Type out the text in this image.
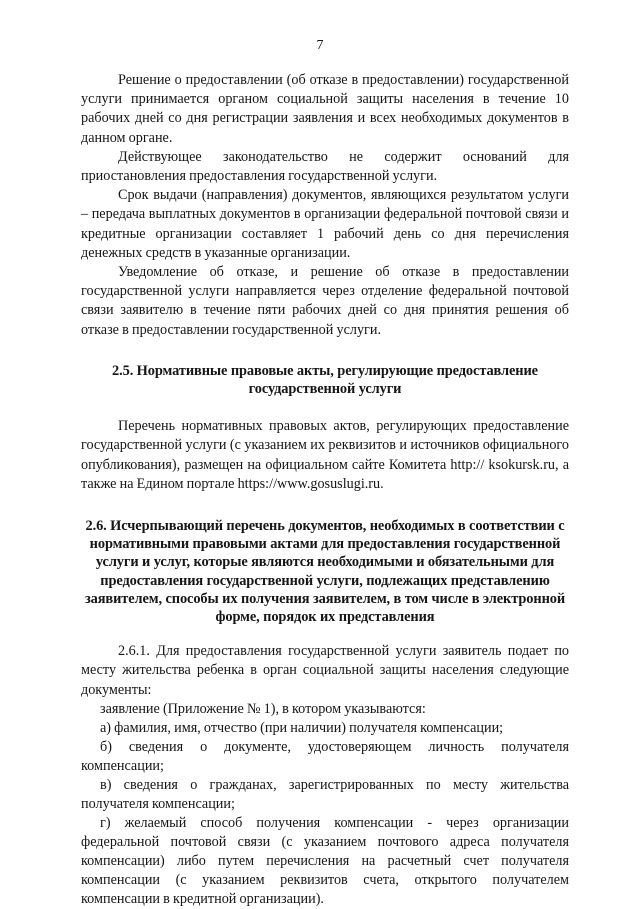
7

Решение о предоставлении (об отказе в предоставлении) государственной услуги принимается органом социальной защиты населения в течение 10 рабочих дней со дня регистрации заявления и всех необходимых документов в данном органе.

Действующее законодательство не содержит оснований для приостановления предоставления государственной услуги.

Срок выдачи (направления) документов, являющихся результатом услуги – передача выплатных документов в организации федеральной почтовой связи и кредитные организации составляет 1 рабочий день со дня перечисления денежных средств в указанные организации.

Уведомление об отказе, и решение об отказе в предоставлении государственной услуги направляется через отделение федеральной почтовой связи заявителю в течение пяти рабочих дней со дня принятия решения об отказе в предоставлении государственной услуги.

2.5. Нормативные правовые акты, регулирующие предоставление государственной услуги

Перечень нормативных правовых актов, регулирующих предоставление государственной услуги (с указанием их реквизитов и источников официального опубликования), размещен на официальном сайте Комитета http:// ksokursk.ru, а также на Едином портале https://www.gosuslugi.ru.

2.6. Исчерпывающий перечень документов, необходимых в соответствии с нормативными правовыми актами для предоставления государственной услуги и услуг, которые являются необходимыми и обязательными для предоставления государственной услуги, подлежащих представлению заявителем, способы их получения заявителем, в том числе в электронной форме, порядок их представления

2.6.1. Для предоставления государственной услуги заявитель подает по месту жительства ребенка в орган социальной защиты населения следующие документы:

заявление (Приложение № 1), в котором указываются:

а) фамилия, имя, отчество (при наличии) получателя компенсации;

б) сведения о документе, удостоверяющем личность получателя компенсации;

в) сведения о гражданах, зарегистрированных по месту жительства получателя компенсации;

г) желаемый способ получения компенсации - через организации федеральной почтовой связи (с указанием почтового адреса получателя компенсации) либо путем перечисления на расчетный счет получателя компенсации (с указанием реквизитов счета, открытого получателем компенсации в кредитной организации).
